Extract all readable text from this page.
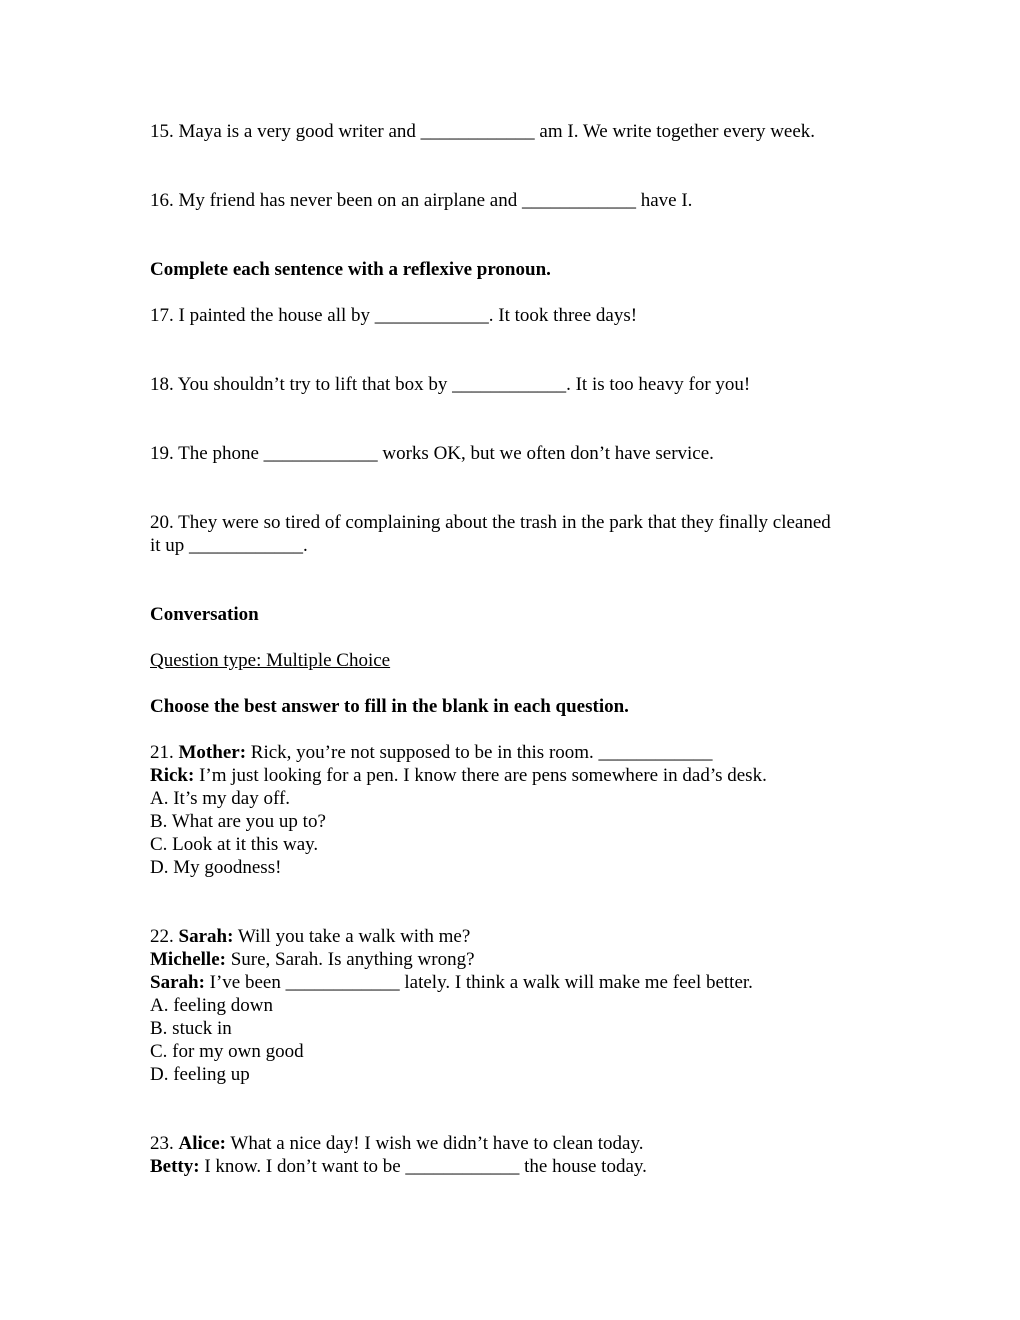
15. Maya is a very good writer and ____________ am I. We write together every week.
16. My friend has never been on an airplane and ____________ have I.
Complete each sentence with a reflexive pronoun.
17. I painted the house all by ____________. It took three days!
18. You shouldn’t try to lift that box by ____________. It is too heavy for you!
19. The phone ____________ works OK, but we often don’t have service.
20. They were so tired of complaining about the trash in the park that they finally cleaned
it up ____________.
Conversation
Question type: Multiple Choice
Choose the best answer to fill in the blank in each question.
21. Mother: Rick, you’re not supposed to be in this room. ____________
Rick: I’m just looking for a pen. I know there are pens somewhere in dad’s desk.
A. It’s my day off.
B. What are you up to?
C. Look at it this way.
D. My goodness!
22. Sarah: Will you take a walk with me?
Michelle: Sure, Sarah. Is anything wrong?
Sarah: I’ve been ____________ lately. I think a walk will make me feel better.
A. feeling down
B. stuck in
C. for my own good
D. feeling up
23. Alice: What a nice day! I wish we didn’t have to clean today.
Betty: I know. I don’t want to be ____________ the house today.
